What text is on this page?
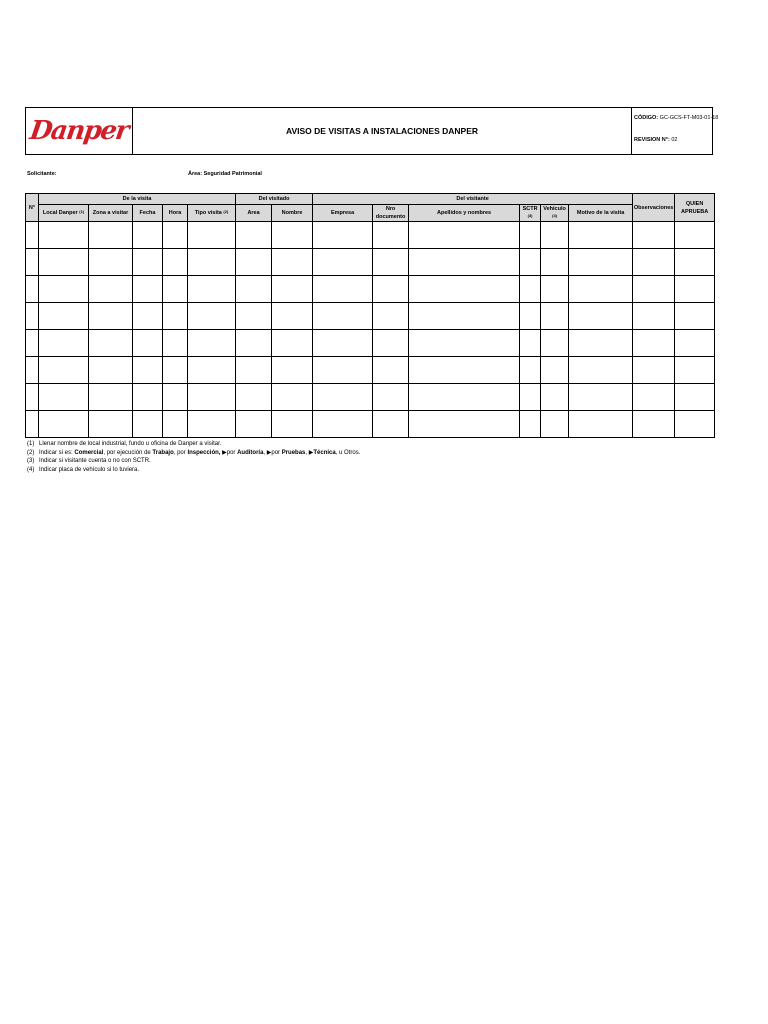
Danper	AVISO DE VISITAS A INSTALACIONES DANPER
CÓDIGO: GC-GCS-FT-M03-01-18
REVISION N°: 02
Solicitante:	Área: Seguridad Patrimonial
N°	De la visita					Del visitado		Del visitante						Observaciones	QUIEN
APRUEBA
	Local Danper $^{(1)}$	Zona a visitar	Fecha	Hora	Tipo visita $^{(2)}$	Area	Nombre	Empresa	Nro documento	Apellidos y nombres	SCTR $^{(3)}$	Vehiculo $^{(4)}$	Motivo de la visita		

(1) Llenar nombre de local industrial, fundo u oficina de Danper a visitar.
(2) Indicar si es: Comercial, por ejecución de Trabajo, por Inspección, ▶por Auditoría, ▶por Pruebas, ▶Técnica, u Otros.
(3) Indicar si visitante cuenta o no con SCTR.
(4) Indicar placa de vehículo si lo tuviera.
